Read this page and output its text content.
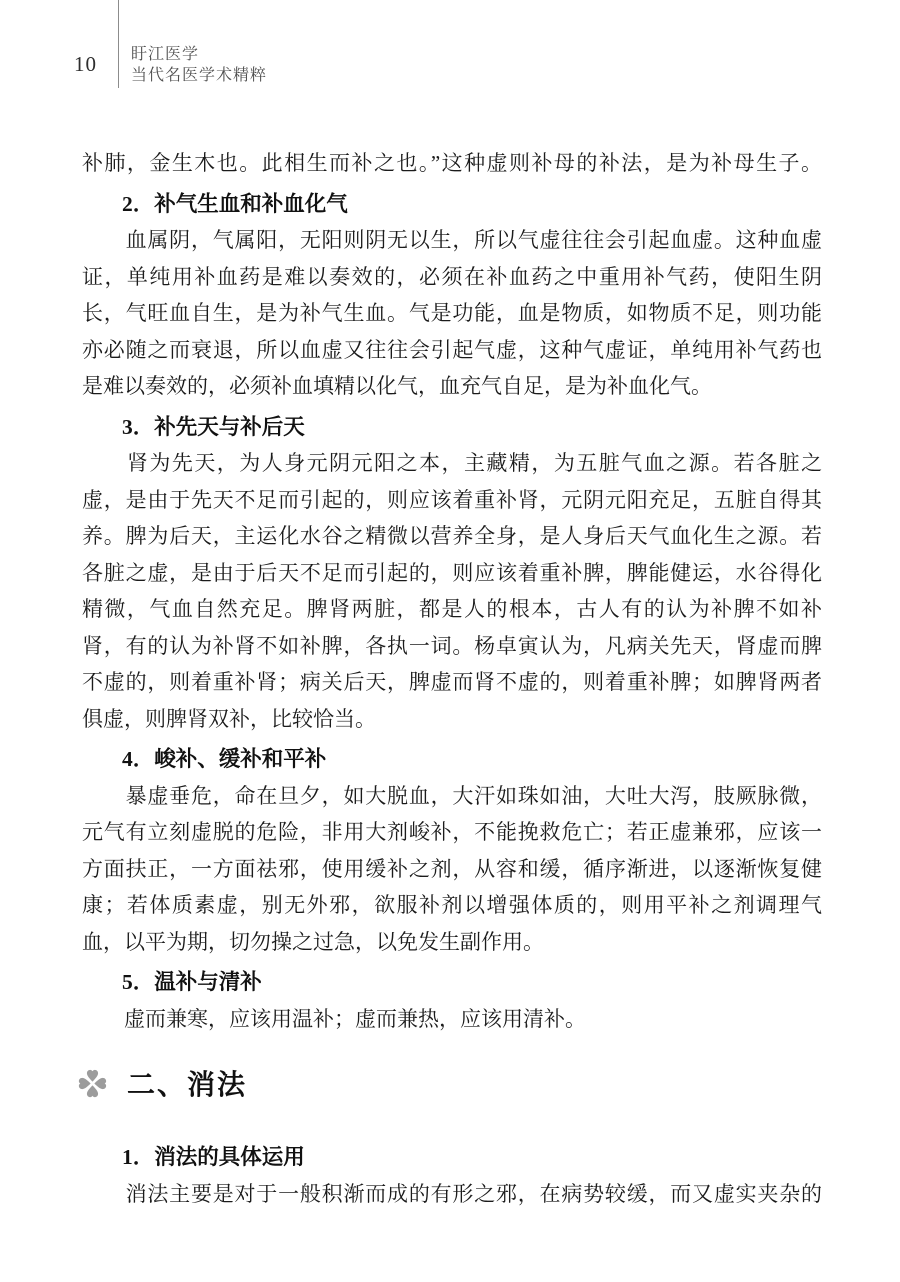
10	盱江医学
当代名医学术精粹
补肺，金生木也。此相生而补之也。”这种虚则补母的补法，是为补母生子。
2．补气生血和补血化气
　　血属阴，气属阳，无阳则阴无以生，所以气虚往往会引起血虚。这种血虚
证，单纯用补血药是难以奏效的，必须在补血药之中重用补气药，使阳生阴
长，气旺血自生，是为补气生血。气是功能，血是物质，如物质不足，则功能
亦必随之而衰退，所以血虚又往往会引起气虚，这种气虚证，单纯用补气药也
是难以奏效的，必须补血填精以化气，血充气自足，是为补血化气。
3．补先天与补后天
　　肾为先天，为人身元阴元阳之本，主藏精，为五脏气血之源。若各脏之
虚，是由于先天不足而引起的，则应该着重补肾，元阴元阳充足，五脏自得其
养。脾为后天，主运化水谷之精微以营养全身，是人身后天气血化生之源。若
各脏之虚，是由于后天不足而引起的，则应该着重补脾，脾能健运，水谷得化
精微，气血自然充足。脾肾两脏，都是人的根本，古人有的认为补脾不如补
肾，有的认为补肾不如补脾，各执一词。杨卓寅认为，凡病关先天，肾虚而脾
不虚的，则着重补肾；病关后天，脾虚而肾不虚的，则着重补脾；如脾肾两者
俱虚，则脾肾双补，比较恰当。
4．峻补、缓补和平补
　　暴虚垂危，命在旦夕，如大脱血，大汗如珠如油，大吐大泻，肢厥脉微，
元气有立刻虚脱的危险，非用大剂峻补，不能挽救危亡；若正虚兼邪，应该一
方面扶正，一方面祛邪，使用缓补之剂，从容和缓，循序渐进，以逐渐恢复健
康；若体质素虚，别无外邪，欲服补剂以增强体质的，则用平补之剂调理气
血，以平为期，切勿操之过急，以免发生副作用。
5．温补与清补
　　虚而兼寒，应该用温补；虚而兼热，应该用清补。
二、消法
1．消法的具体运用
　　消法主要是对于一般积渐而成的有形之邪，在病势较缓，而又虚实夹杂的
